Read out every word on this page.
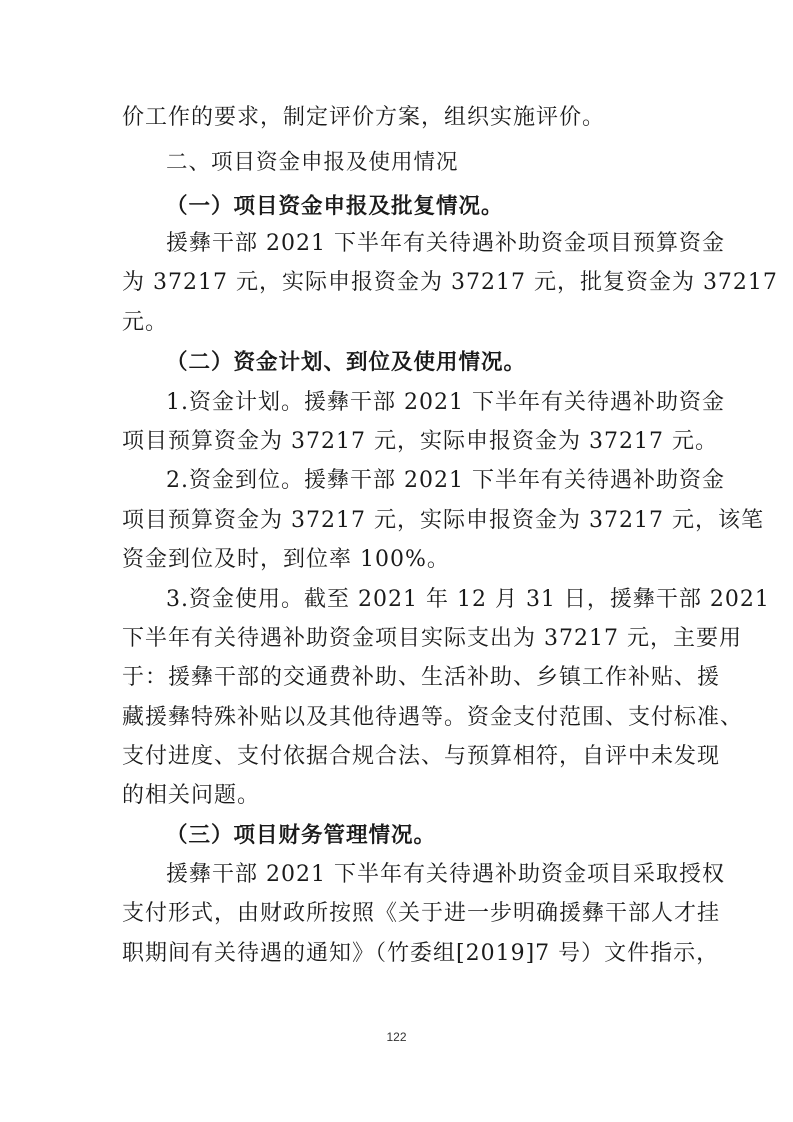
价工作的要求，制定评价方案，组织实施评价。
二、项目资金申报及使用情况
（一）项目资金申报及批复情况。
援彝干部 2021 下半年有关待遇补助资金项目预算资金
为 37217 元，实际申报资金为 37217 元，批复资金为 37217
元。
（二）资金计划、到位及使用情况。
1.资金计划。援彝干部 2021 下半年有关待遇补助资金
项目预算资金为 37217 元，实际申报资金为 37217 元。
2.资金到位。援彝干部 2021 下半年有关待遇补助资金
项目预算资金为 37217 元，实际申报资金为 37217 元，该笔
资金到位及时，到位率 100%。
3.资金使用。截至 2021 年 12 月 31 日，援彝干部 2021
下半年有关待遇补助资金项目实际支出为 37217 元，主要用
于：援彝干部的交通费补助、生活补助、乡镇工作补贴、援
藏援彝特殊补贴以及其他待遇等。资金支付范围、支付标准、
支付进度、支付依据合规合法、与预算相符，自评中未发现
的相关问题。
（三）项目财务管理情况。
援彝干部 2021 下半年有关待遇补助资金项目采取授权
支付形式，由财政所按照《关于进一步明确援彝干部人才挂
职期间有关待遇的通知》（竹委组[2019]7 号）文件指示，
122
